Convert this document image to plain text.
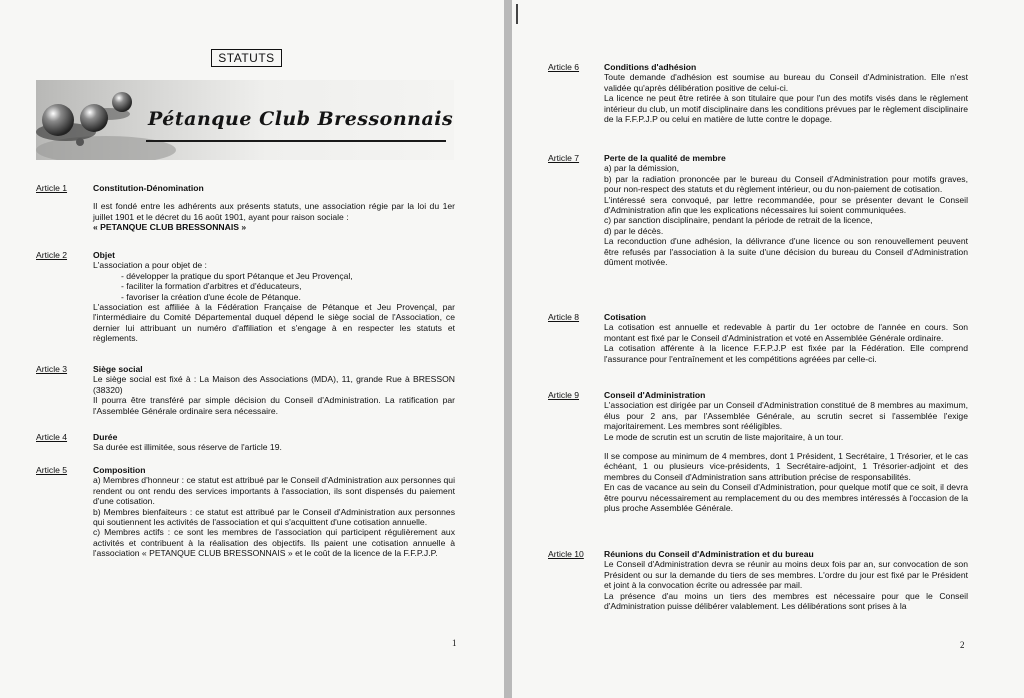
STATUTS
Pétanque Club Bressonnais
Article 1	Constitution-Dénomination
Il est fondé entre les adhérents aux présents statuts, une association régie par la loi du 1er juillet 1901 et le décret du 16 août 1901, ayant pour raison sociale :
« PETANQUE CLUB BRESSONNAIS »
Article 2	Objet
L'association a pour objet de :
- développer la pratique du sport Pétanque et Jeu Provençal,
- faciliter la formation d'arbitres et d'éducateurs,
- favoriser la création d'une école de Pétanque.
L'association est affiliée à la Fédération Française de Pétanque et Jeu Provençal, par l'intermédiaire du Comité Départemental duquel dépend le siège social de l'Association, ce dernier lui attribuant un numéro d'affiliation et s'engage à en respecter les statuts et règlements.
Article 3	Siège social
Le siège social est fixé à : La Maison des Associations (MDA), 11, grande Rue à BRESSON (38320)
Il pourra être transféré par simple décision du Conseil d'Administration. La ratification par l'Assemblée Générale ordinaire sera nécessaire.
Article 4	Durée
Sa durée est illimitée, sous réserve de l'article 19.
Article 5	Composition
a) Membres d'honneur : ce statut est attribué par le Conseil d'Administration aux personnes qui rendent ou ont rendu des services importants à l'association, ils sont dispensés du paiement d'une cotisation.
b) Membres bienfaiteurs : ce statut est attribué par le Conseil d'Administration aux personnes qui soutiennent les activités de l'association et qui s'acquittent d'une cotisation annuelle.
c) Membres actifs : ce sont les membres de l'association qui participent régulièrement aux activités et contribuent à la réalisation des objectifs. Ils paient une cotisation annuelle à l'association « PETANQUE CLUB BRESSONNAIS » et le coût de la licence de la F.F.P.J.P.
1
Article 6	Conditions d'adhésion
Toute demande d'adhésion est soumise au bureau du Conseil d'Administration. Elle n'est validée qu'après délibération positive de celui-ci.
La licence ne peut être retirée à son titulaire que pour l'un des motifs visés dans le règlement intérieur du club, un motif disciplinaire dans les conditions prévues par le règlement disciplinaire de la F.F.P.J.P ou celui en matière de lutte contre le dopage.
Article 7	Perte de la qualité de membre
a) par la démission,
b) par la radiation prononcée par le bureau du Conseil d'Administration pour motifs graves, pour non-respect des statuts et du règlement intérieur, ou du non-paiement de cotisation.
L'intéressé sera convoqué, par lettre recommandée, pour se présenter devant le Conseil d'Administration afin que les explications nécessaires lui soient communiquées.
c) par sanction disciplinaire, pendant la période de retrait de la licence,
d) par le décès.
La reconduction d'une adhésion, la délivrance d'une licence ou son renouvellement peuvent être refusés par l'association à la suite d'une décision du bureau du Conseil d'Administration dûment motivée.
Article 8	Cotisation
La cotisation est annuelle et redevable à partir du 1er octobre de l'année en cours. Son montant est fixé par le Conseil d'Administration et voté en Assemblée Générale ordinaire.
La cotisation afférente à la licence F.F.P.J.P est fixée par la Fédération. Elle comprend l'assurance pour l'entraînement et les compétitions agréées par celle-ci.
Article 9	Conseil d'Administration
L'association est dirigée par un Conseil d'Administration constitué de 8 membres au maximum, élus pour 2 ans, par l'Assemblée Générale, au scrutin secret si l'assemblée l'exige majoritairement. Les membres sont rééligibles.
Le mode de scrutin est un scrutin de liste majoritaire, à un tour.
Il se compose au minimum de 4 membres, dont 1 Président, 1 Secrétaire, 1 Trésorier, et le cas échéant, 1 ou plusieurs vice-présidents, 1 Secrétaire-adjoint, 1 Trésorier-adjoint et des membres du Conseil d'Administration sans attribution précise de responsabilités.
En cas de vacance au sein du Conseil d'Administration, pour quelque motif que ce soit, il devra être pourvu nécessairement au remplacement du ou des membres intéressés à l'occasion de la plus proche Assemblée Générale.
Article 10 Réunions du Conseil d'Administration et du bureau
Le Conseil d'Administration devra se réunir au moins deux fois par an, sur convocation de son Président ou sur la demande du tiers de ses membres. L'ordre du jour est fixé par le Président et joint à la convocation écrite ou adressée par mail.
La présence d'au moins un tiers des membres est nécessaire pour que le Conseil d'Administration puisse délibérer valablement. Les délibérations sont prises à la
2
